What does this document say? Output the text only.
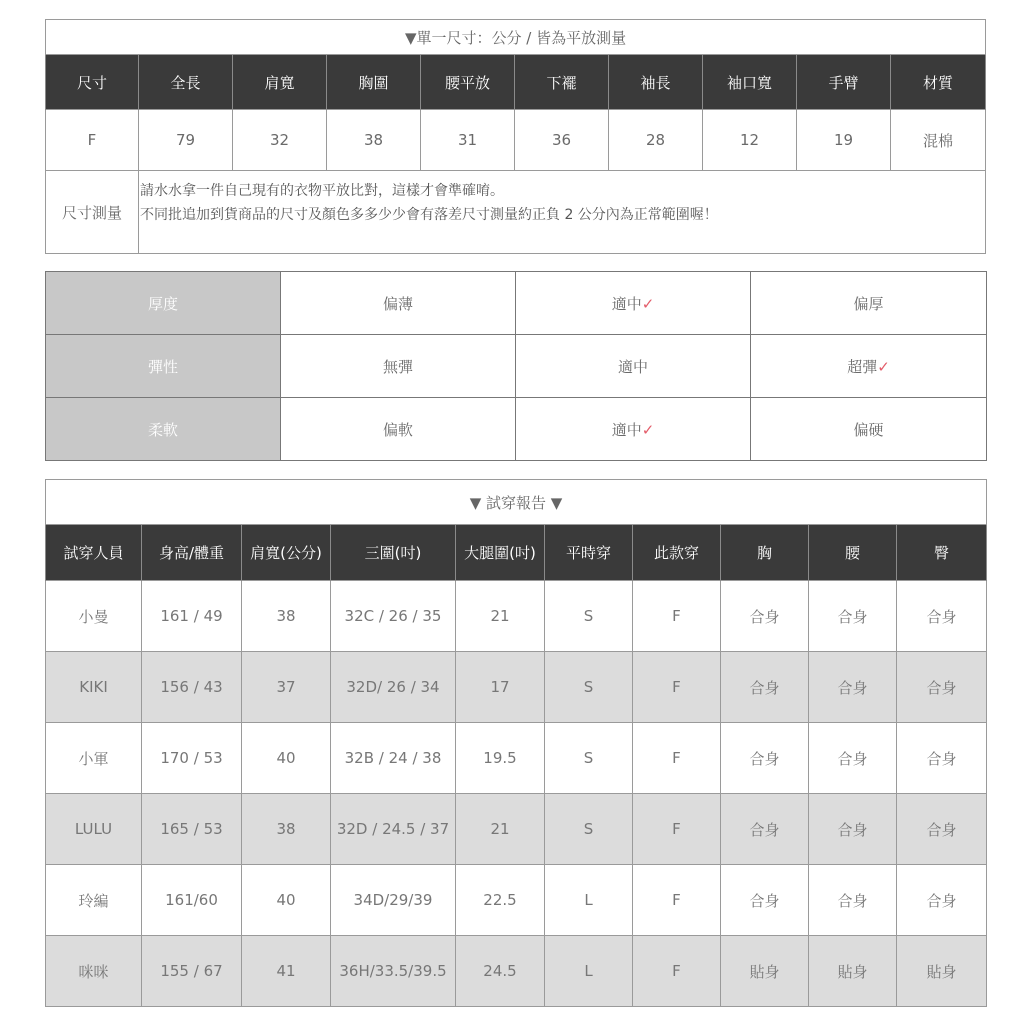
▼單一尺寸：公分 / 皆為平放測量									
尺寸	全長	肩寬	胸圍	腰平放	下襬	袖長	袖口寬	手臂	材質
F	79	32	38	31	36	28	12	19	混棉
尺寸測量	請水水拿一件自己現有的衣物平放比對，這樣才會準確唷。
不同批追加到貨商品的尺寸及顏色多多少少會有落差尺寸測量約正負 2 公分內為正常範圍喔！								
厚度	偏薄	適中✓	偏厚
彈性	無彈	適中	超彈✓
柔軟	偏軟	適中✓	偏硬
▼ 試穿報告 ▼									
試穿人員	身高/體重	肩寬(公分)	三圍(吋)	大腿圍(吋)	平時穿	此款穿	胸	腰	臀
小曼	161 / 49	38	32C / 26 / 35	21	S	F	合身	合身	合身
KIKI	156 / 43	37	32D/ 26 / 34	17	S	F	合身	合身	合身
小軍	170 / 53	40	32B / 24 / 38	19.5	S	F	合身	合身	合身
LULU	165 / 53	38	32D / 24.5 / 37	21	S	F	合身	合身	合身
玲編	161/60	40	34D/29/39	22.5	L	F	合身	合身	合身
咪咪	155 / 67	41	36H/33.5/39.5	24.5	L	F	貼身	貼身	貼身
